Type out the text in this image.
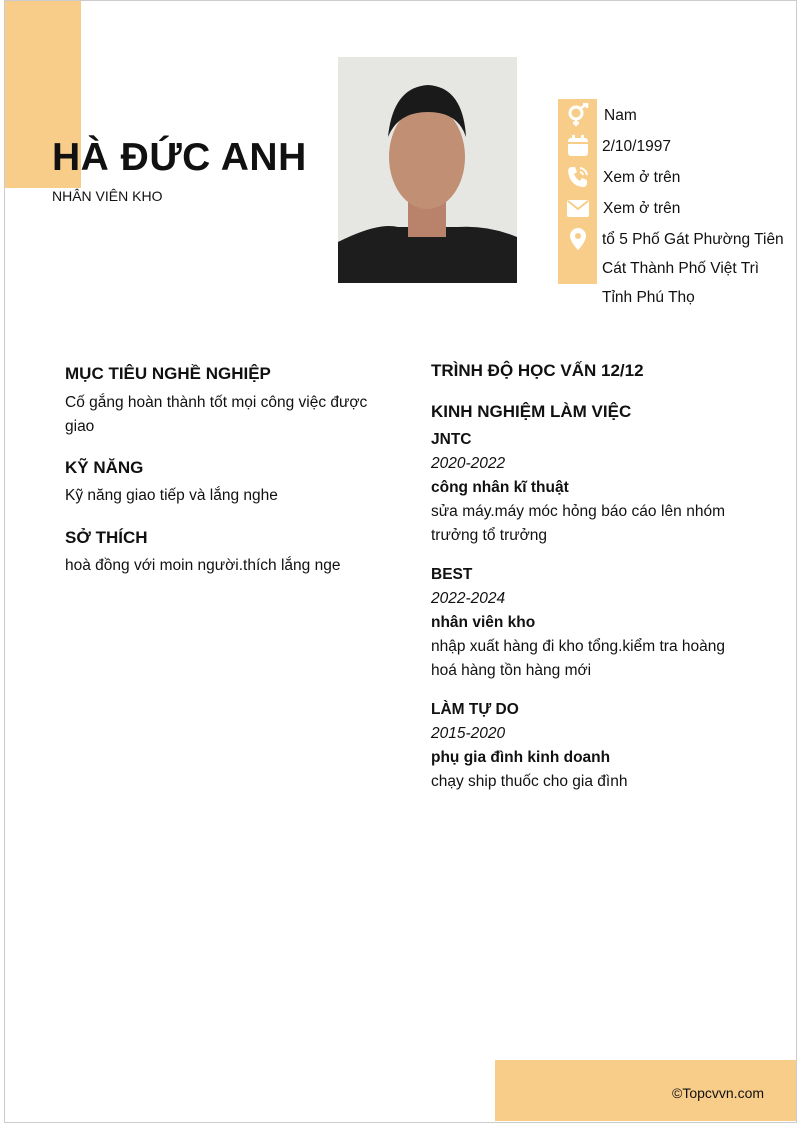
HÀ ĐỨC ANH
NHÂN VIÊN KHO
Nam
2/10/1997
Xem ở trên
Xem ở trên
tổ 5 Phố Gát Phường Tiên Cát Thành Phố Việt Trì Tỉnh Phú Thọ
MỤC TIÊU NGHỀ NGHIỆP
Cố gắng hoàn thành tốt mọi công việc được giao
KỸ NĂNG
Kỹ năng giao tiếp và lắng nghe
SỞ THÍCH
hoà đồng với moin người.thích lắng nge
TRÌNH ĐỘ HỌC VẤN 12/12
KINH NGHIỆM LÀM VIỆC
JNTC
2020-2022
công nhân kĩ thuật
sửa máy.máy móc hỏng báo cáo lên nhóm trưởng tổ trưởng
BEST
2022-2024
nhân viên kho
nhập xuất hàng đi kho tổng.kiểm tra hoàng hoá hàng tồn hàng mới
LÀM TỰ DO
2015-2020
phụ gia đình kinh doanh
chạy ship thuốc cho gia đình
©Topcvvn.com
